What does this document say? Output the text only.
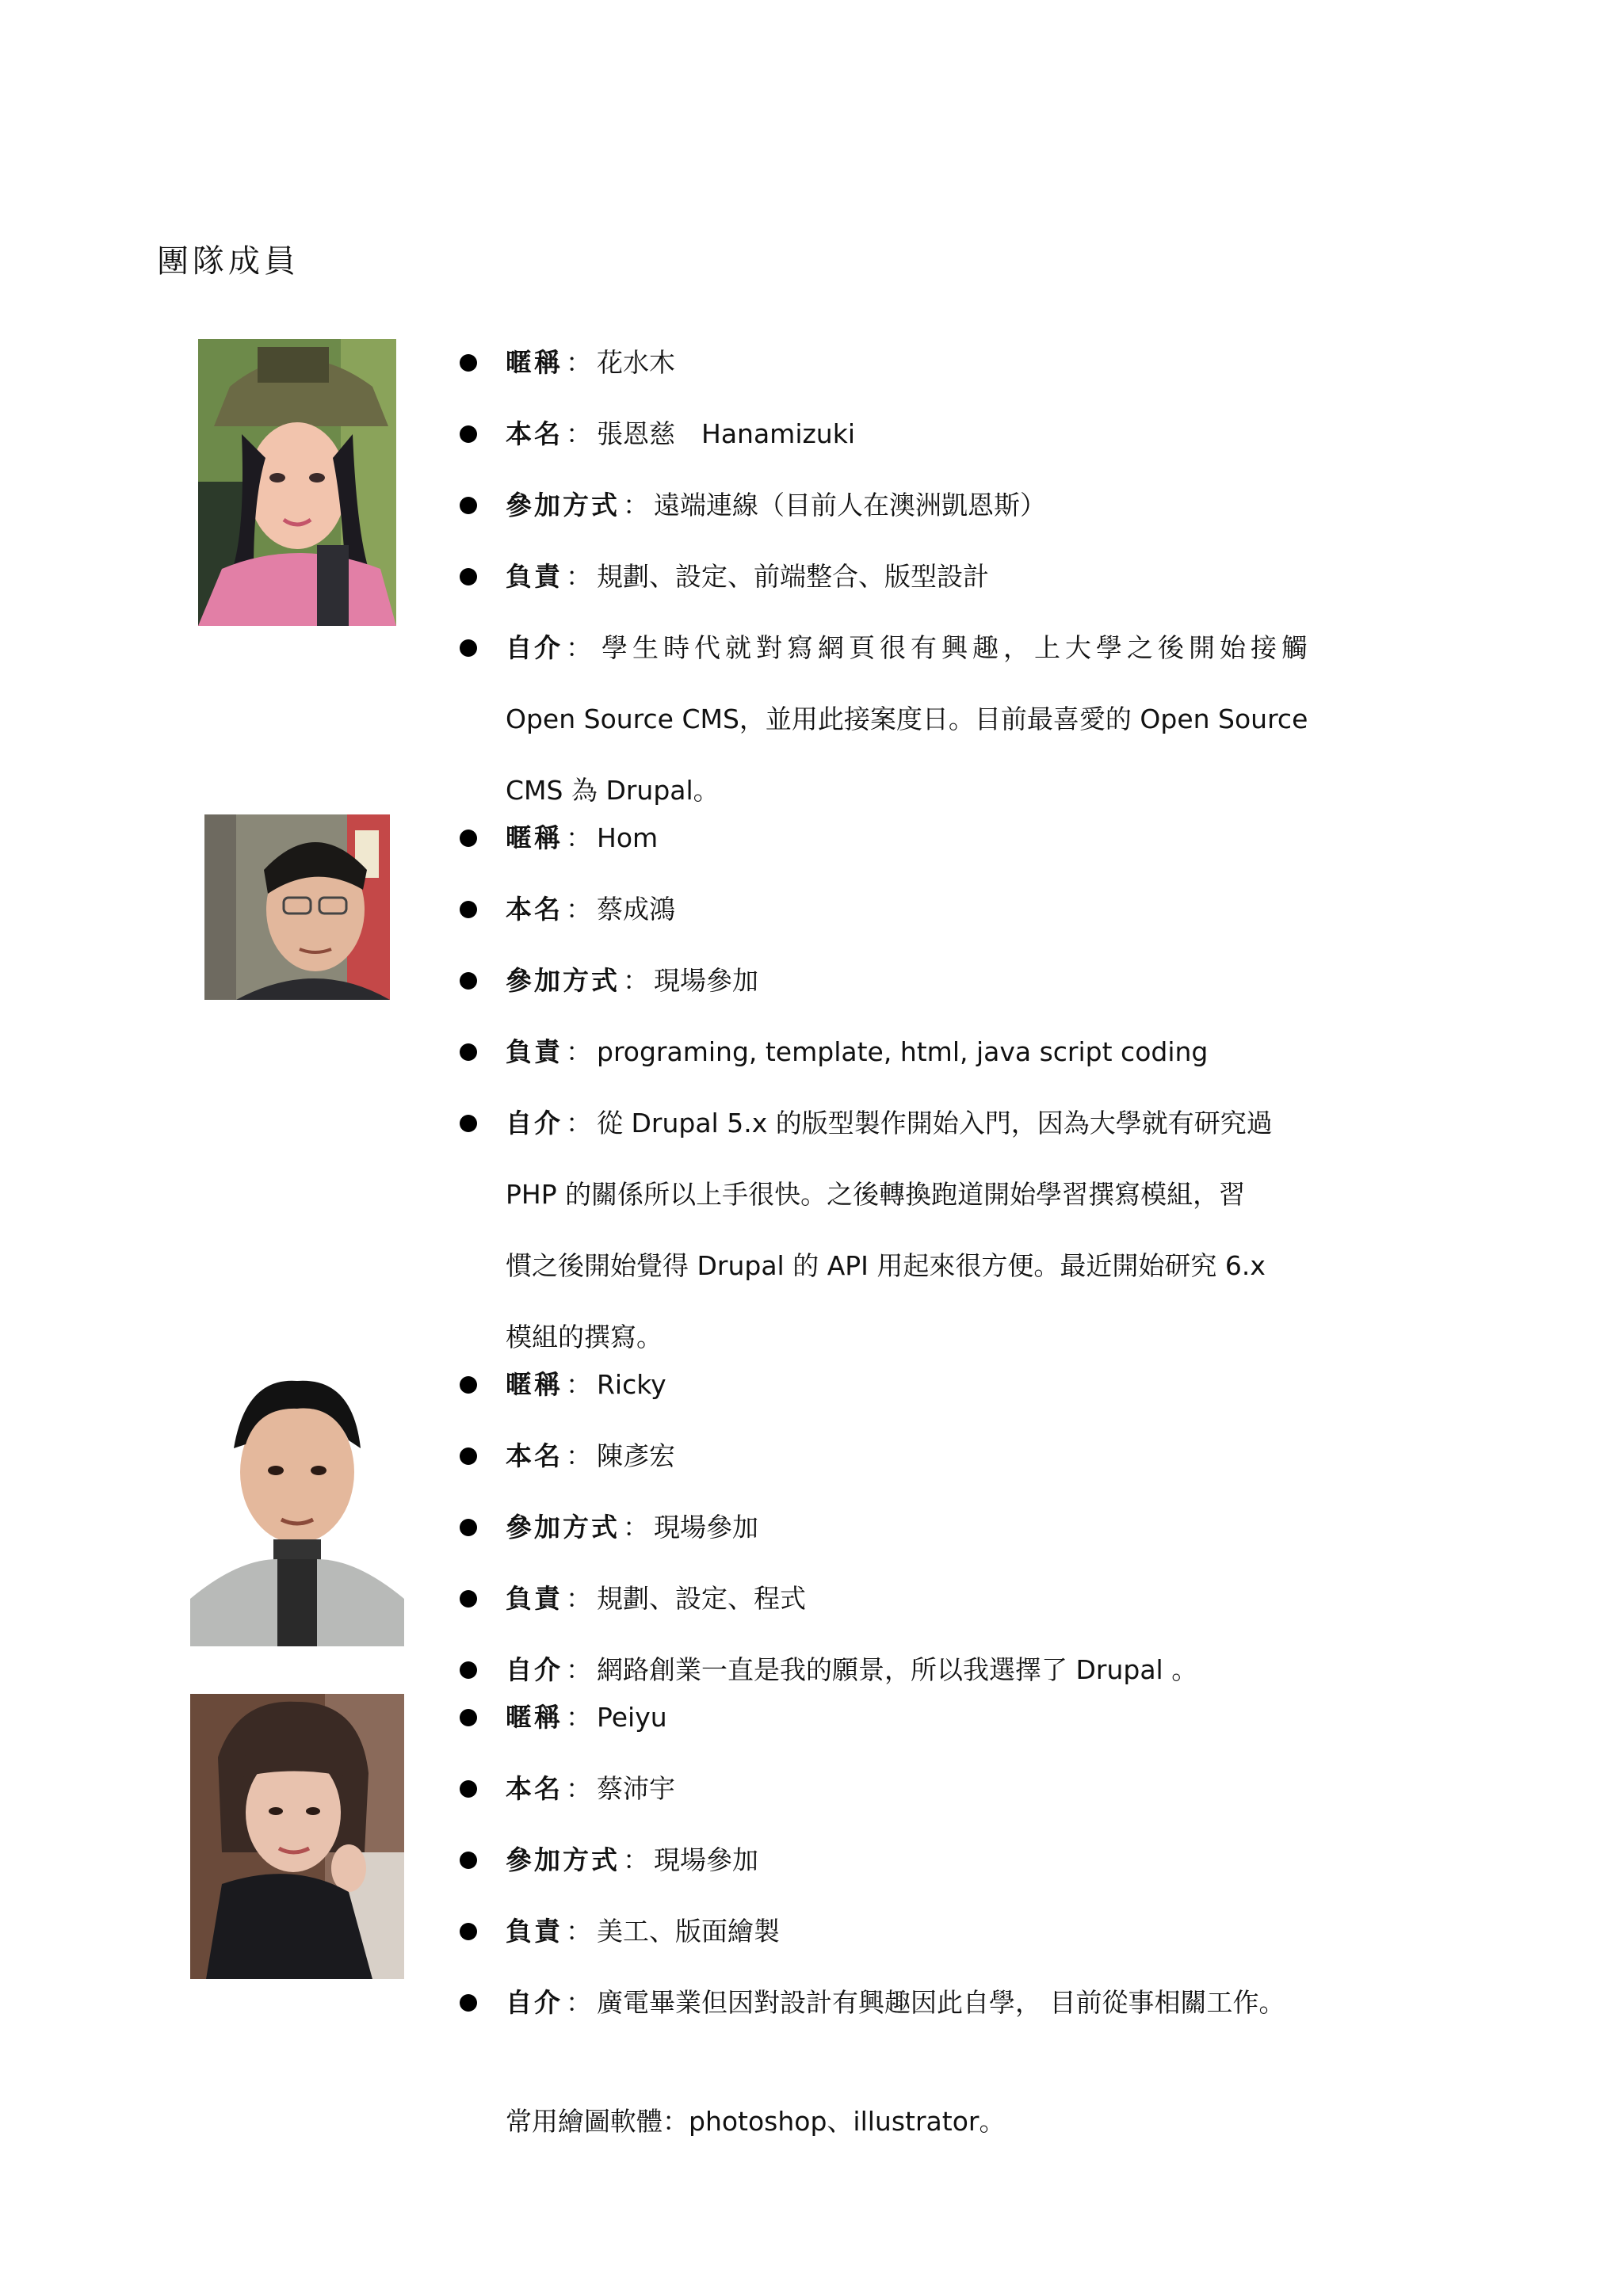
團隊成員
暱稱 ： 花水木
本名 ： 張恩慈　Hanamizuki
參加方式 ： 遠端連線（目前人在澳洲凱恩斯）
負責 ： 規劃、設定、前端整合、版型設計
自介 ： 學生時代就對寫網頁很有興趣，上大學之後開始接觸
Open Source CMS，並用此接案度日。目前最喜愛的 Open Source
CMS 為 Drupal。
暱稱 ： Hom
本名 ： 蔡成鴻
參加方式 ： 現場參加
負責 ： programing, template, html, java script coding
自介 ： 從 Drupal 5.x 的版型製作開始入門，因為大學就有研究過
PHP 的關係所以上手很快。之後轉換跑道開始學習撰寫模組，習
慣之後開始覺得 Drupal 的 API 用起來很方便。最近開始研究 6.x
模組的撰寫。
暱稱 ： Ricky
本名 ： 陳彥宏
參加方式 ： 現場參加
負責 ： 規劃、設定、程式
自介 ： 網路創業一直是我的願景，所以我選擇了 Drupal 。
暱稱 ： Peiyu
本名 ： 蔡沛宇
參加方式 ： 現場參加
負責 ： 美工、版面繪製
自介 ： 廣電畢業但因對設計有興趣因此自學， 目前從事相關工作。
常用繪圖軟體：photoshop、illustrator。
